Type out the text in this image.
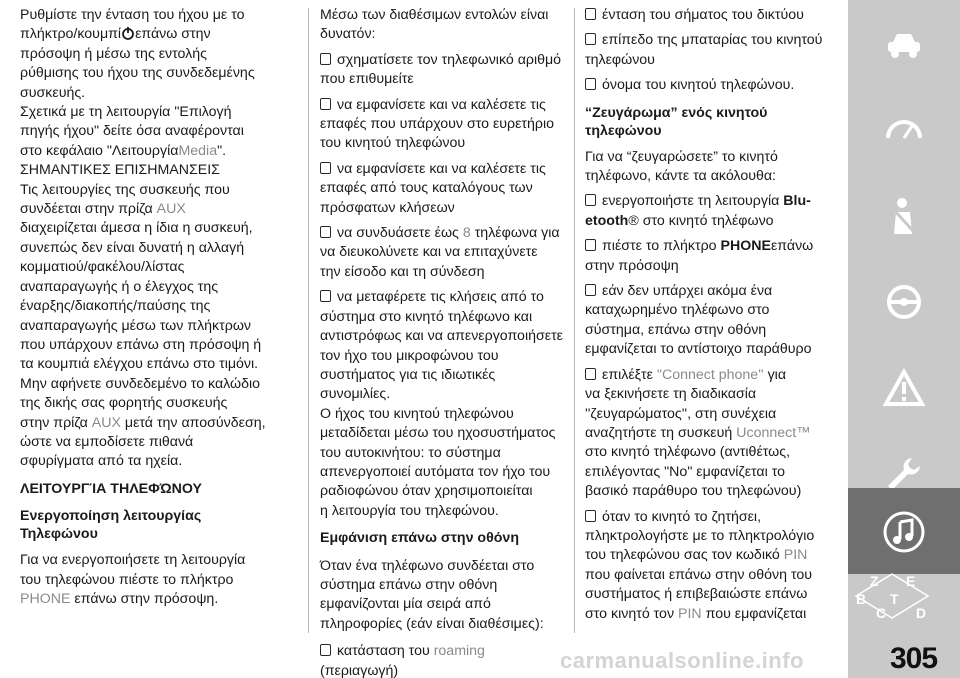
Ρυθμίστε την ένταση του ήχου με το
πλήκτρο/κουμπί επάνω στην
πρόσοψη ή μέσω της εντολής
ρύθμισης του ήχου της συνδεδεμένης
συσκευής.

Σχετικά με τη λειτουργία "Επιλογή
πηγής ήχου" δείτε όσα αναφέρονται
στο κεφάλαιο "ΛειτουργίαMedia".

ΣΗΜΑΝΤΙΚΕΣ ΕΠΙΣΗΜΑΝΣΕΙΣ

Τις λειτουργίες της συσκευής που
συνδέεται στην πρίζα AUX
διαχειρίζεται άμεσα η ίδια η συσκευή,
συνεπώς δεν είναι δυνατή η αλλαγή
κομματιού/φακέλου/λίστας
αναπαραγωγής ή ο έλεγχος της
έναρξης/διακοπής/παύσης της
αναπαραγωγής μέσω των πλήκτρων
που υπάρχουν επάνω στη πρόσοψη ή
τα κουμπιά ελέγχου επάνω στο τιμόνι.

Μην αφήνετε συνδεδεμένο το καλώδιο
της δικής σας φορητής συσκευής
στην πρίζα AUX μετά την αποσύνδεση,
ώστε να εμποδίσετε πιθανά
σφυρίγματα από τα ηχεία.

ΛΕΙΤΟΥΡΓΊΑ ΤΗΛΕΦΏΝΟΥ

Ενεργοποίηση λειτουργίας
Τηλεφώνου

Για να ενεργοποιήσετε τη λειτουργία
του τηλεφώνου πιέστε το πλήκτρο
PHONE επάνω στην πρόσοψη.

Μέσω των διαθέσιμων εντολών είναι
δυνατόν:

σχηματίσετε τον τηλεφωνικό αριθμό
που επιθυμείτε

να εμφανίσετε και να καλέσετε τις
επαφές που υπάρχουν στο ευρετήριο
του κινητού τηλεφώνου

να εμφανίσετε και να καλέσετε τις
επαφές από τους καταλόγους των
πρόσφατων κλήσεων

να συνδυάσετε έως 8 τηλέφωνα για
να διευκολύνετε και να επιταχύνετε
την είσοδο και τη σύνδεση

να μεταφέρετε τις κλήσεις από το
σύστημα στο κινητό τηλέφωνο και
αντιστρόφως και να απενεργοποιήσετε
τον ήχο του μικροφώνου του
συστήματος για τις ιδιωτικές
συνομιλίες.

Ο ήχος του κινητού τηλεφώνου
μεταδίδεται μέσω του ηχοσυστήματος
του αυτοκινήτου: το σύστημα
απενεργοποιεί αυτόματα τον ήχο του
ραδιοφώνου όταν χρησιμοποιείται
η λειτουργία του τηλεφώνου.

Εμφάνιση επάνω στην οθόνη

Όταν ένα τηλέφωνο συνδέεται στο
σύστημα επάνω στην οθόνη
εμφανίζονται μία σειρά από
πληροφορίες (εάν είναι διαθέσιμες):

κατάσταση του roaming
(περιαγωγή)

ένταση του σήματος του δικτύου

επίπεδο της μπαταρίας του κινητού
τηλεφώνου

όνομα του κινητού τηλεφώνου.

“Ζευγάρωμα” ενός κινητού
τηλεφώνου

Για να “ζευγαρώσετε” το κινητό
τηλέφωνο, κάντε τα ακόλουθα:

ενεργοποιήστε τη λειτουργία Blu-
etooth® στο κινητό τηλέφωνο

πιέστε το πλήκτρο PHONEεπάνω
στην πρόσοψη

εάν δεν υπάρχει ακόμα ένα
καταχωρημένο τηλέφωνο στο
σύστημα, επάνω στην οθόνη
εμφανίζεται το αντίστοιχο παράθυρο

επιλέξτε "Connect phone'' για
να ξεκινήσετε τη διαδικασία
''ζευγαρώματος'', στη συνέχεια
αναζητήστε τη συσκευή Uconnect™
στο κινητό τηλέφωνο (αντιθέτως,
επιλέγοντας "No" εμφανίζεται το
βασικό παράθυρο του τηλεφώνου)

όταν το κινητό το ζητήσει,
πληκτρολογήστε με το πληκτρολόγιο
του τηλεφώνου σας τον κωδικό PIN
που φαίνεται επάνω στην οθόνη του
συστήματος ή επιβεβαιώστε επάνω
στο κινητό τον PIN που εμφανίζεται

Z E
B
C
T
D
305
carmanualsonline.info
